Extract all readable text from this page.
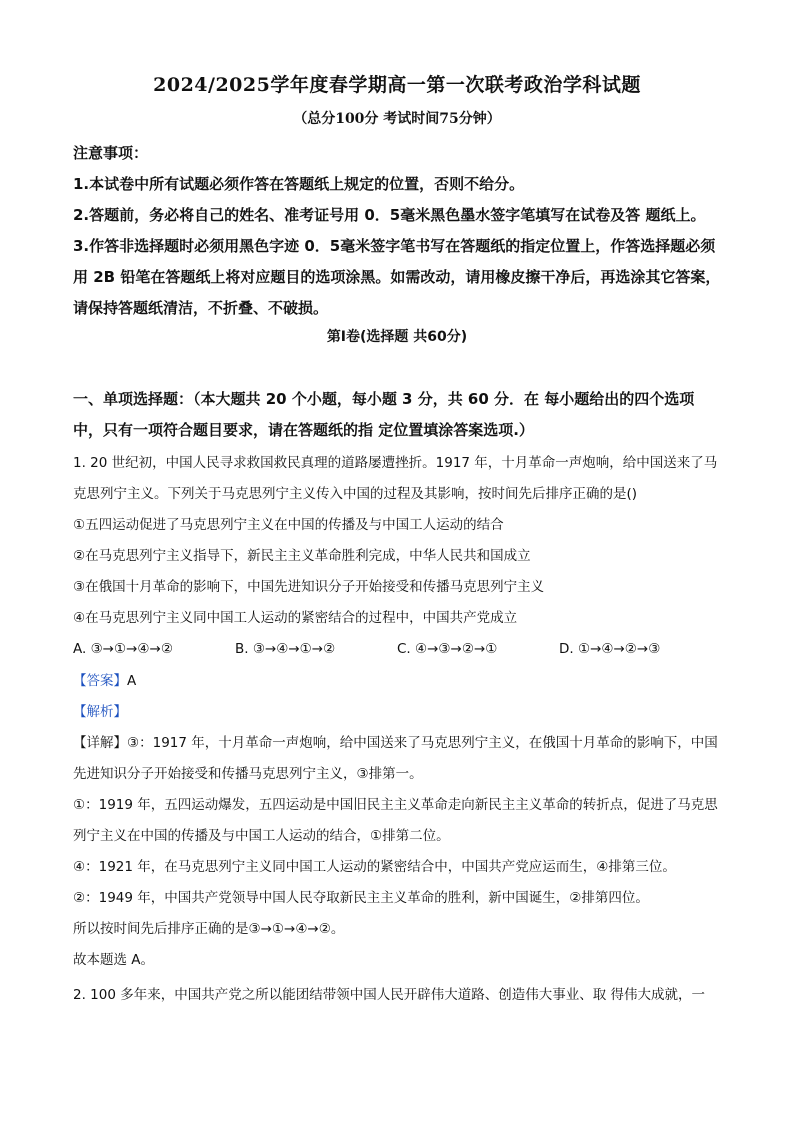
2024/2025学年度春学期高一第一次联考政治学科试题
（总分100分 考试时间75分钟）

注意事项：

1.本试卷中所有试题必须作答在答题纸上规定的位置，否则不给分。

2.答题前，务必将自己的姓名、准考证号用 0．5毫米黑色墨水签字笔填写在试卷及答 题纸上。

3.作答非选择题时必须用黑色字迹 0．5毫米签字笔书写在答题纸的指定位置上，作答选择题必须用 2B 铅笔在答题纸上将对应题目的选项涂黑。如需改动，请用橡皮擦干净后，再选涂其它答案，请保持答题纸清洁，不折叠、不破损。

第Ⅰ卷(选择题 共60分)
一、单项选择题：（本大题共 20 个小题，每小题 3 分，共 60 分．在 每小题给出的四个选项中，只有一项符合题目要求，请在答题纸的指 定位置填涂答案选项.）

1. 20 世纪初，中国人民寻求救国救民真理的道路屡遭挫折。1917 年，十月革命一声炮响，给中国送来了马克思列宁主义。下列关于马克思列宁主义传入中国的过程及其影响，按时间先后排序正确的是()

①五四运动促进了马克思列宁主义在中国的传播及与中国工人运动的结合

②在马克思列宁主义指导下，新民主主义革命胜利完成，中华人民共和国成立

③在俄国十月革命的影响下，中国先进知识分子开始接受和传播马克思列宁主义

④在马克思列宁主义同中国工人运动的紧密结合的过程中，中国共产党成立

A. ③→①→④→②	B. ③→④→①→②	C. ④→③→②→①	D. ①→④→②→③

【答案】A

【解析】

【详解】③：1917 年，十月革命一声炮响，给中国送来了马克思列宁主义，在俄国十月革命的影响下，中国先进知识分子开始接受和传播马克思列宁主义，③排第一。

①：1919 年，五四运动爆发，五四运动是中国旧民主主义革命走向新民主主义革命的转折点，促进了马克思列宁主义在中国的传播及与中国工人运动的结合，①排第二位。

④：1921 年，在马克思列宁主义同中国工人运动的紧密结合中，中国共产党应运而生，④排第三位。

②：1949 年，中国共产党领导中国人民夺取新民主主义革命的胜利，新中国诞生，②排第四位。

所以按时间先后排序正确的是③→①→④→②。

故本题选 A。

2. 100 多年来，中国共产党之所以能团结带领中国人民开辟伟大道路、创造伟大事业、取 得伟大成就，一
